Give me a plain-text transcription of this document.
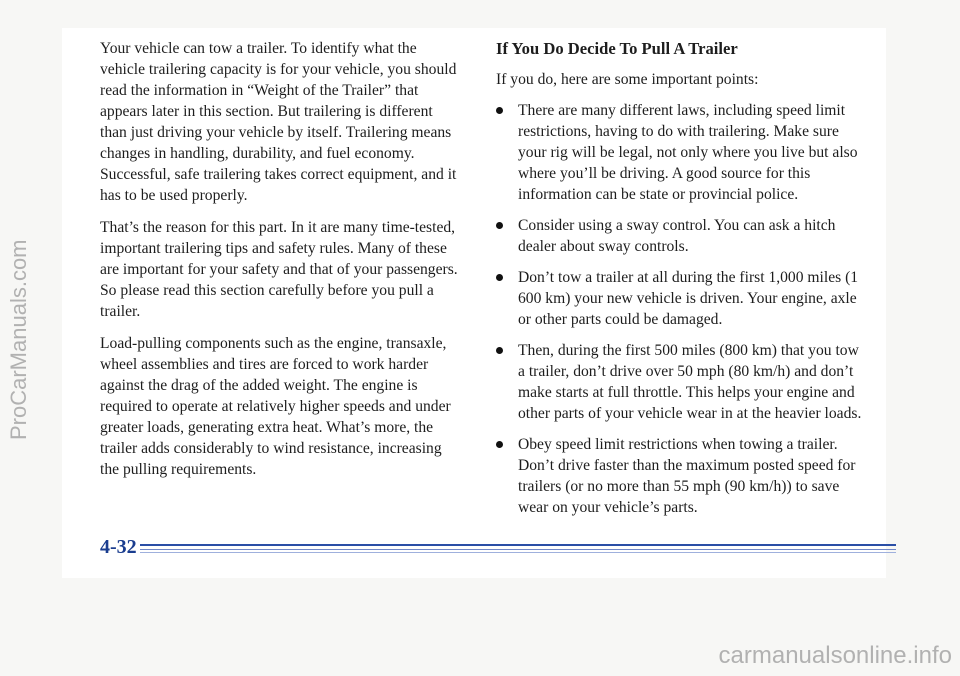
Your vehicle can tow a trailer. To identify what the vehicle trailering capacity is for your vehicle, you should read the information in “Weight of the Trailer” that appears later in this section. But trailering is different than just driving your vehicle by itself. Trailering means changes in handling, durability, and fuel economy. Successful, safe trailering takes correct equipment, and it has to be used properly.

That’s the reason for this part. In it are many time-tested, important trailering tips and safety rules. Many of these are important for your safety and that of your passengers. So please read this section carefully before you pull a trailer.

Load-pulling components such as the engine, transaxle, wheel assemblies and tires are forced to work harder against the drag of the added weight. The engine is required to operate at relatively higher speeds and under greater loads, generating extra heat. What’s more, the trailer adds considerably to wind resistance, increasing the pulling requirements.

If You Do Decide To Pull A Trailer
If you do, here are some important points:
There are many different laws, including speed limit restrictions, having to do with trailering. Make sure your rig will be legal, not only where you live but also where you’ll be driving. A good source for this information can be state or provincial police.
Consider using a sway control. You can ask a hitch dealer about sway controls.
Don’t tow a trailer at all during the first 1,000 miles (1 600 km) your new vehicle is driven. Your engine, axle or other parts could be damaged.
Then, during the first 500 miles (800 km) that you tow a trailer, don’t drive over 50 mph (80 km/h) and don’t make starts at full throttle. This helps your engine and other parts of your vehicle wear in at the heavier loads.
Obey speed limit restrictions when towing a trailer. Don’t drive faster than the maximum posted speed for trailers (or no more than 55 mph (90 km/h)) to save wear on your vehicle’s parts.
4-32
ProCarManuals.com
carmanualsonline.info
